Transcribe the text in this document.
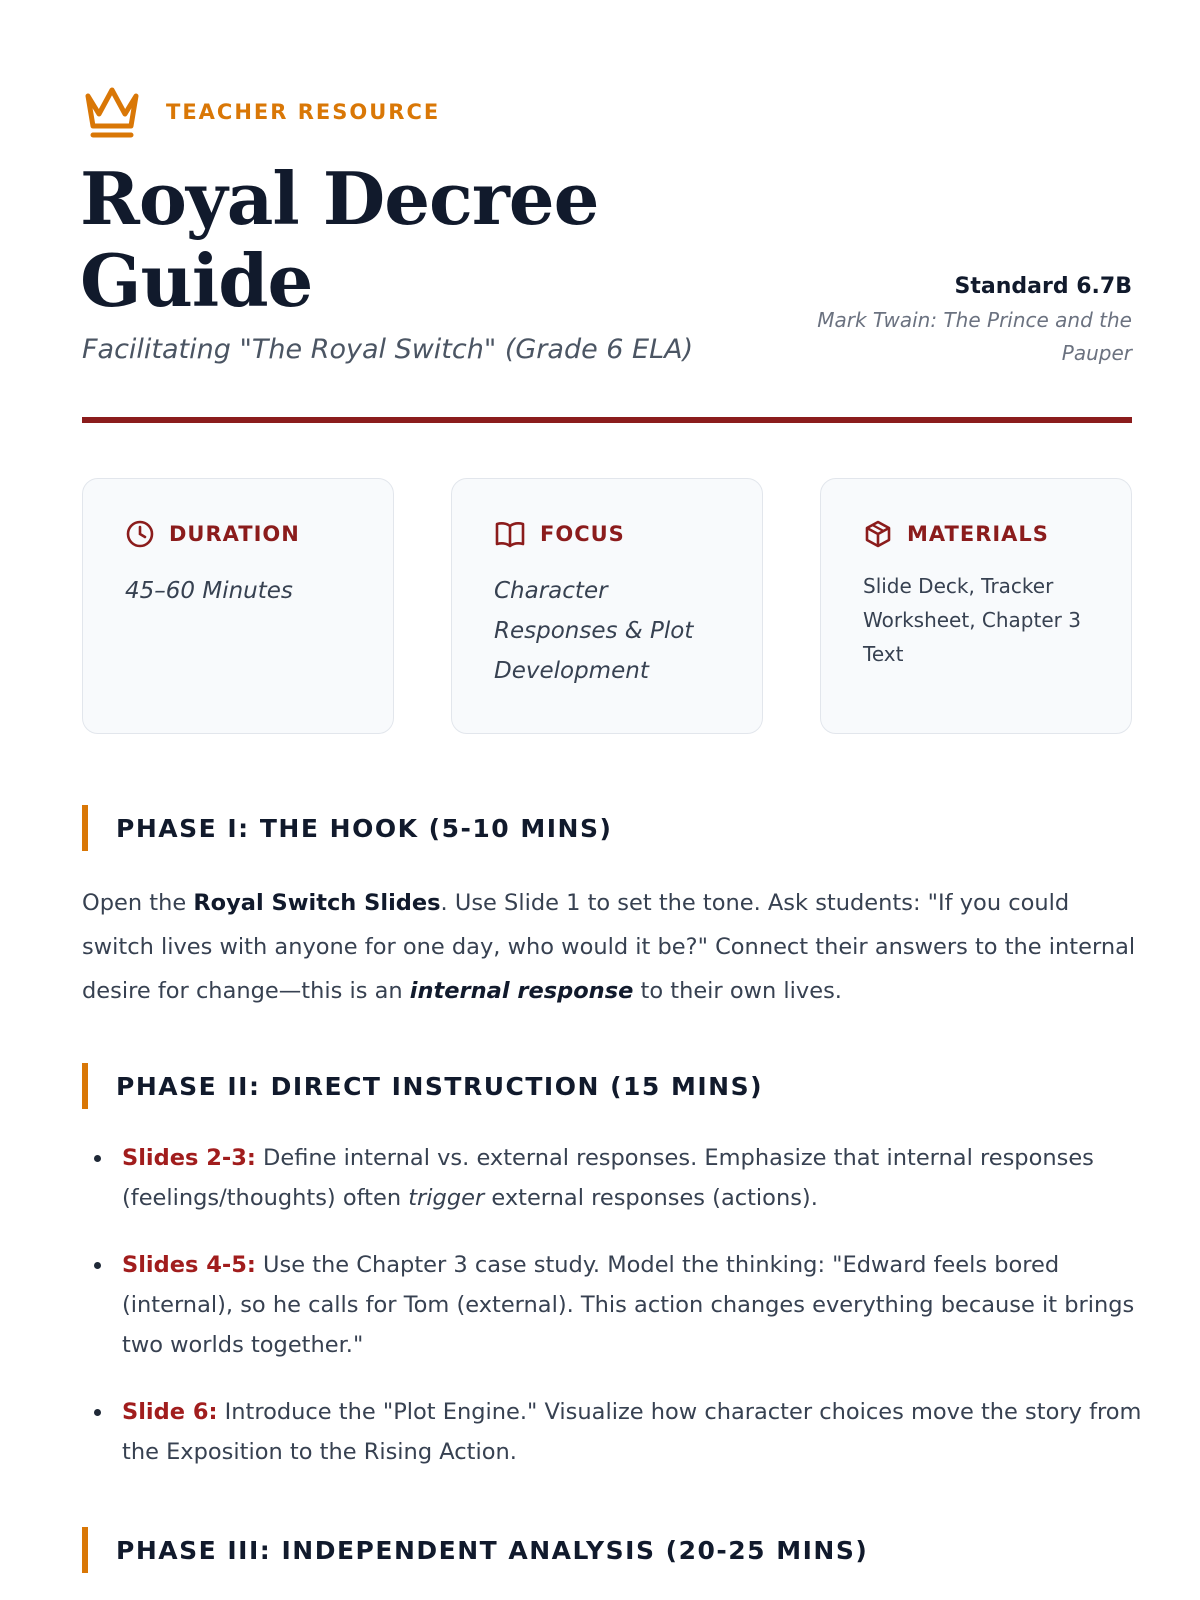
TEACHER RESOURCE
Royal Decree
Guide
Facilitating "The Royal Switch" (Grade 6 ELA)
Standard 6.7B
Mark Twain: The Prince and the
Pauper
DURATION
45–60 Minutes
FOCUS
Character
Responses & Plot
Development
MATERIALS
Slide Deck, Tracker
Worksheet, Chapter 3
Text
PHASE I: THE HOOK (5-10 MINS)

Open the Royal Switch Slides. Use Slide 1 to set the tone. Ask students: "If you could switch lives with anyone for one day, who would it be?" Connect their answers to the internal desire for change—this is an internal response to their own lives.

PHASE II: DIRECT INSTRUCTION (15 MINS)
Slides 2-3: Define internal vs. external responses. Emphasize that internal responses (feelings/thoughts) often trigger external responses (actions).
Slides 4-5: Use the Chapter 3 case study. Model the thinking: "Edward feels bored (internal), so he calls for Tom (external). This action changes everything because it brings two worlds together."
Slide 6: Introduce the "Plot Engine." Visualize how character choices move the story from the Exposition to the Rising Action.
PHASE III: INDEPENDENT ANALYSIS (20-25 MINS)
